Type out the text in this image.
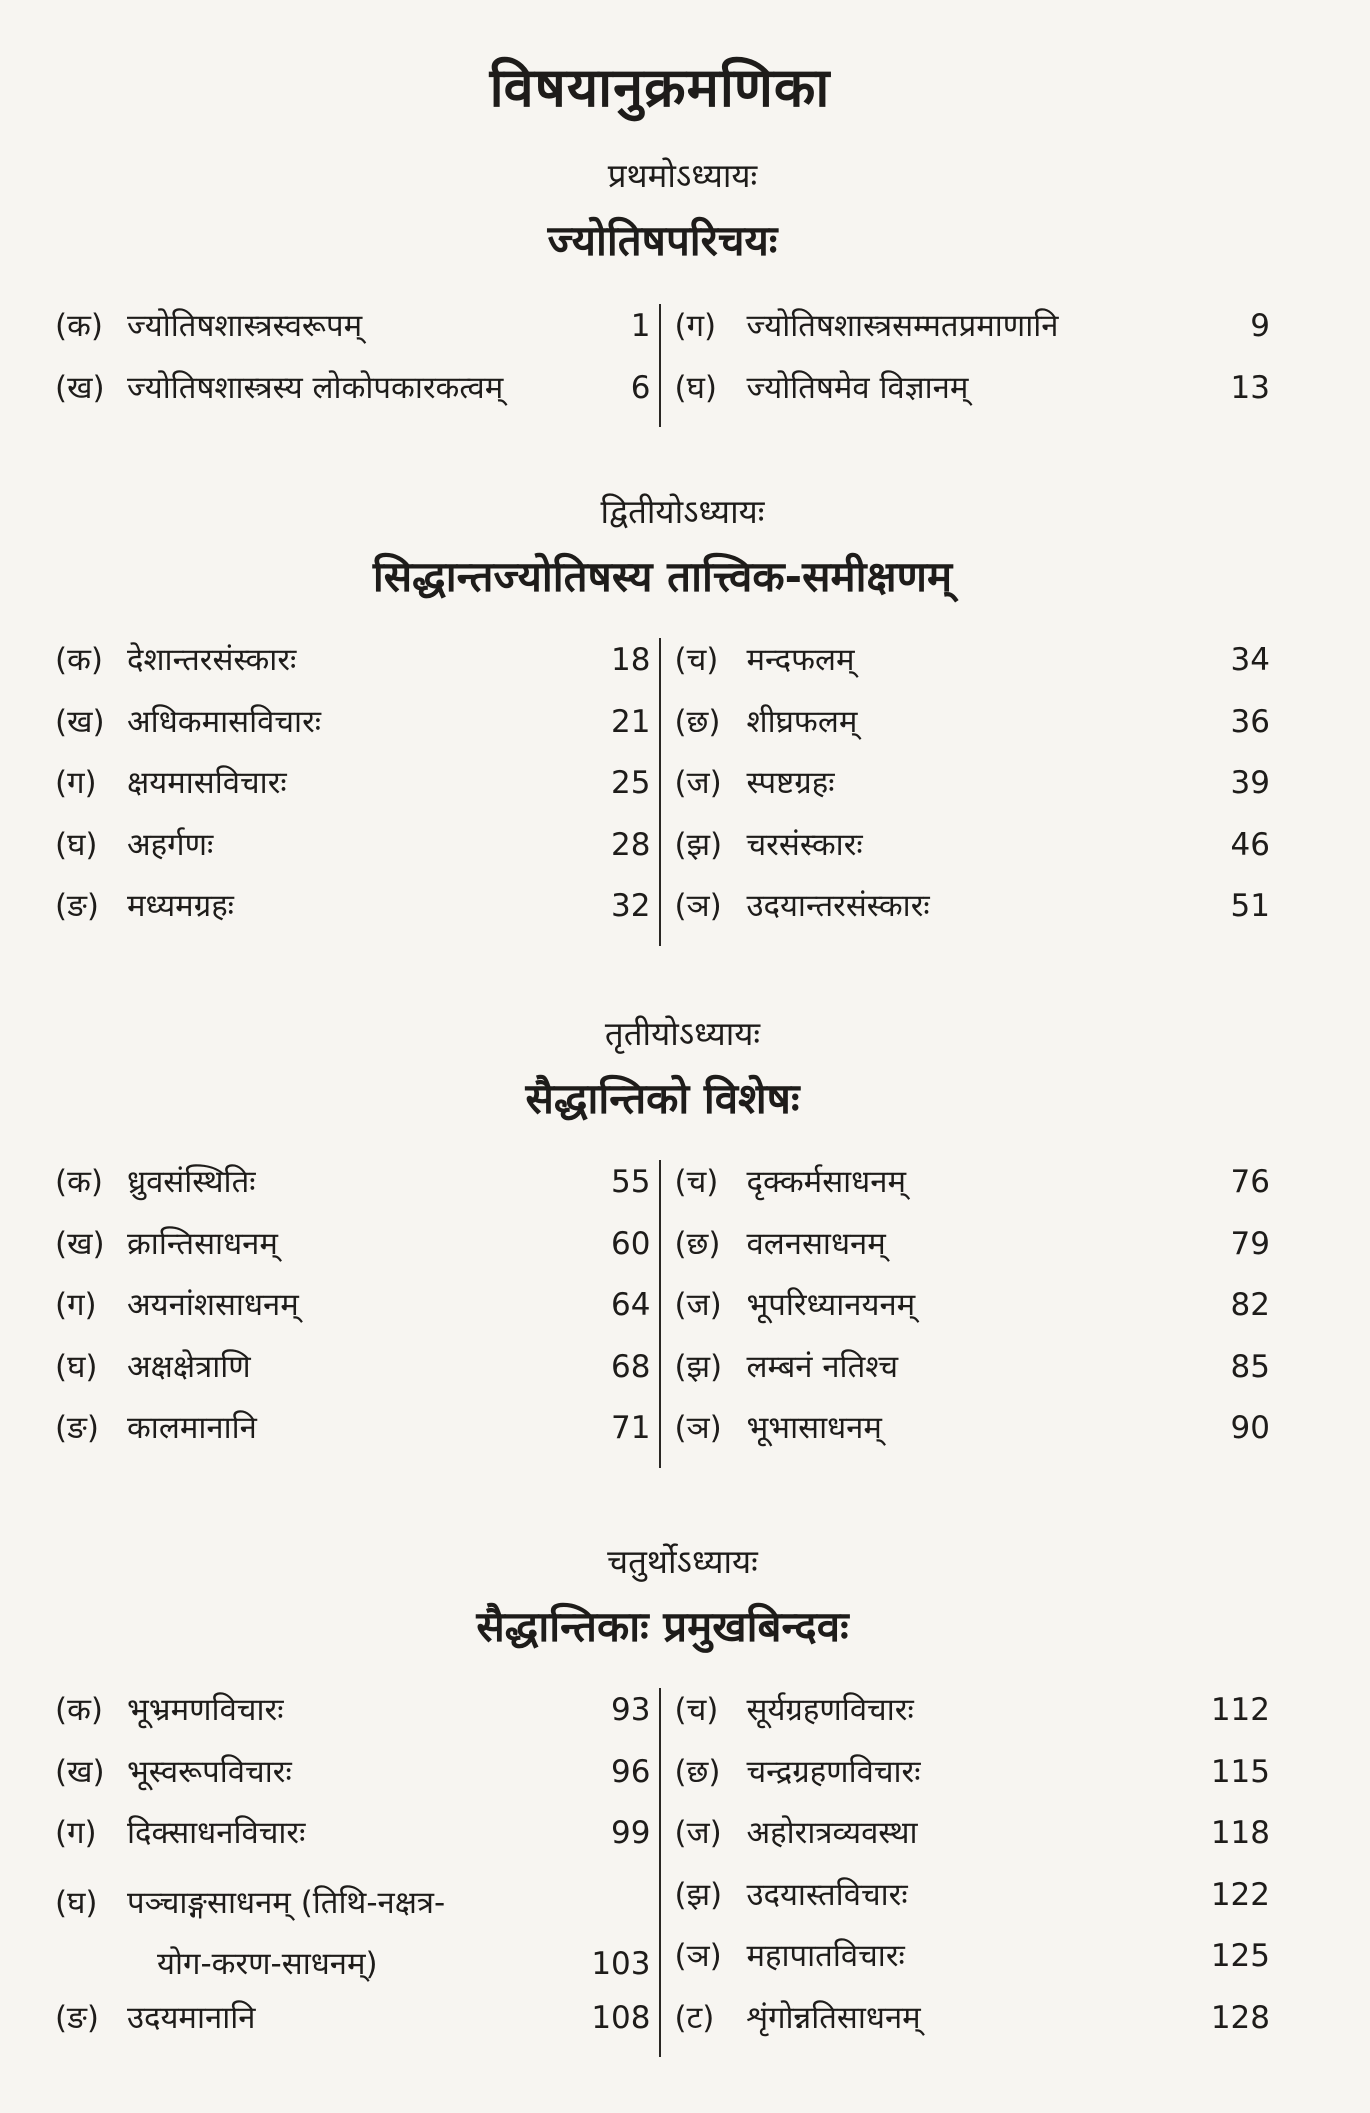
विषयानुक्रमणिका
प्रथमोऽध्यायः
ज्योतिषपरिचयः
(क) ज्योतिषशास्त्रस्वरूपम्	1
(ख) ज्योतिषशास्त्रस्य लोकोपकारकत्वम्	6
(ग) ज्योतिषशास्त्रसम्मतप्रमाणानि	9
(घ) ज्योतिषमेव विज्ञानम्	13
द्वितीयोऽध्यायः
सिद्धान्तज्योतिषस्य तात्त्विक-समीक्षणम्
(क) देशान्तरसंस्कारः	18
(ख) अधिकमासविचारः	21
(ग) क्षयमासविचारः	25
(घ) अहर्गणः	28
(ङ) मध्यमग्रहः	32
(च) मन्दफलम्	34
(छ) शीघ्रफलम्	36
(ज) स्पष्टग्रहः	39
(झ) चरसंस्कारः	46
(ञ) उदयान्तरसंस्कारः	51
तृतीयोऽध्यायः
सैद्धान्तिको विशेषः
(क) ध्रुवसंस्थितिः	55
(ख) क्रान्तिसाधनम्	60
(ग) अयनांशसाधनम्	64
(घ) अक्षक्षेत्राणि	68
(ङ) कालमानानि	71
(च) दृक्कर्मसाधनम्	76
(छ) वलनसाधनम्	79
(ज) भूपरिध्यानयनम्	82
(झ) लम्बनं नतिश्च	85
(ञ) भूभासाधनम्	90
चतुर्थोऽध्यायः
सैद्धान्तिकाः प्रमुखबिन्दवः
(क) भूभ्रमणविचारः	93
(ख) भूस्वरूपविचारः	96
(ग) दिक्साधनविचारः	99
(घ) पञ्चाङ्गसाधनम् (तिथि-नक्षत्र-
योग-करण-साधनम्)	103
(ङ) उदयमानानि	108
(च) सूर्यग्रहणविचारः	112
(छ) चन्द्रग्रहणविचारः	115
(ज) अहोरात्रव्यवस्था	118
(झ) उदयास्तविचारः	122
(ञ) महापातविचारः	125
(ट)	शृंगोन्नतिसाधनम्	128
